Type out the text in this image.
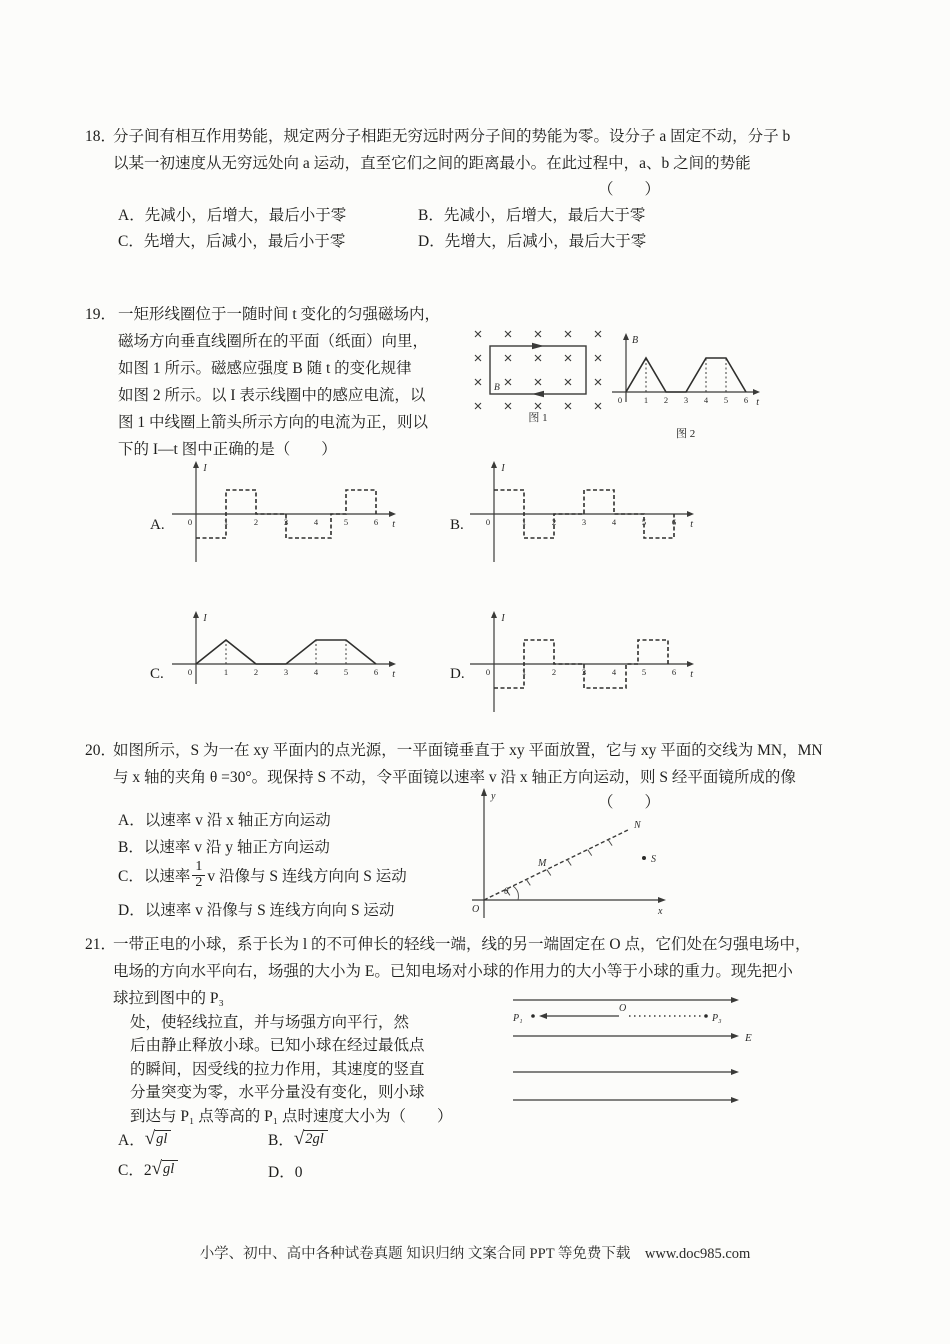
18．
分子间有相互作用势能，规定两分子相距无穷远时两分子间的势能为零。设分子 a 固定不动，分子 b
以某一初速度从无穷远处向 a 运动，直至它们之间的距离最小。在此过程中，a、b 之间的势能
（　　）
A．先减小，后增大，最后小于零	B．先减小，后增大，最后大于零
C．先增大，后减小，最后小于零	D．先增大，后减小，最后大于零
19． 一矩形线圈位于一随时间 t 变化的匀强磁场内，
磁场方向垂直线圈所在的平面（纸面）向里，
如图 1 所示。磁感应强度 B 随 t 的变化规律
如图 2 所示。以 I 表示线圈中的感应电流，以
图 1 中线圈上箭头所示方向的电流为正，则以
下的 I—t 图中正确的是（　　）
B
图 1
B
t
0	1 2 3 4 5 6
图 2
A.
I
t
0	1	2	3	4	5	6	B.
I
t
0	1	2	3	4	5	6
C.
I
t
0	1	2	3	4	5	6	D.
I
t
0	1	2	3	4	5	6
20．
如图所示，S 为一在 xy 平面内的点光源，一平面镜垂直于 xy 平面放置，它与 xy 平面的交线为 MN，MN
与 x 轴的夹角 θ =30°。现保持 S 不动，令平面镜以速率 v 沿 x 轴正方向运动，则 S 经平面镜所成的像
（　　）
A．以速率 v 沿 x 轴正方向运动
B．以速率 v 沿 y 轴正方向运动
C．以速率 $\frac{1}{2}$ v 沿像与 S 连线方向向 S 运动
D．以速率 v 沿像与 S 连线方向向 S 运动
y
x
O
M
N
S
θ
21．
一带正电的小球，系于长为 l 的不可伸长的轻线一端，线的另一端固定在 O 点，它们处在匀强电场中，
电场的方向水平向右，场强的大小为 E。已知电场对小球的作用力的大小等于小球的重力。现先把小
球拉到图中的 P₃
处，使轻线拉直，并与场强方向平行，然
后由静止释放小球。已知小球在经过最低点
的瞬间，因受线的拉力作用，其速度的竖直
分量突变为零，水平分量没有变化，则小球
到达与 P₁ 点等高的 P₁ 点时速度大小为（　　）
P₁
O
P₃
E
A． √ gl	B． √ 2gl
C．2 √ gl	D．0
小学、初中、高中各种试卷真题 知识归纳 文案合同 PPT 等免费下载　www.doc985.com
